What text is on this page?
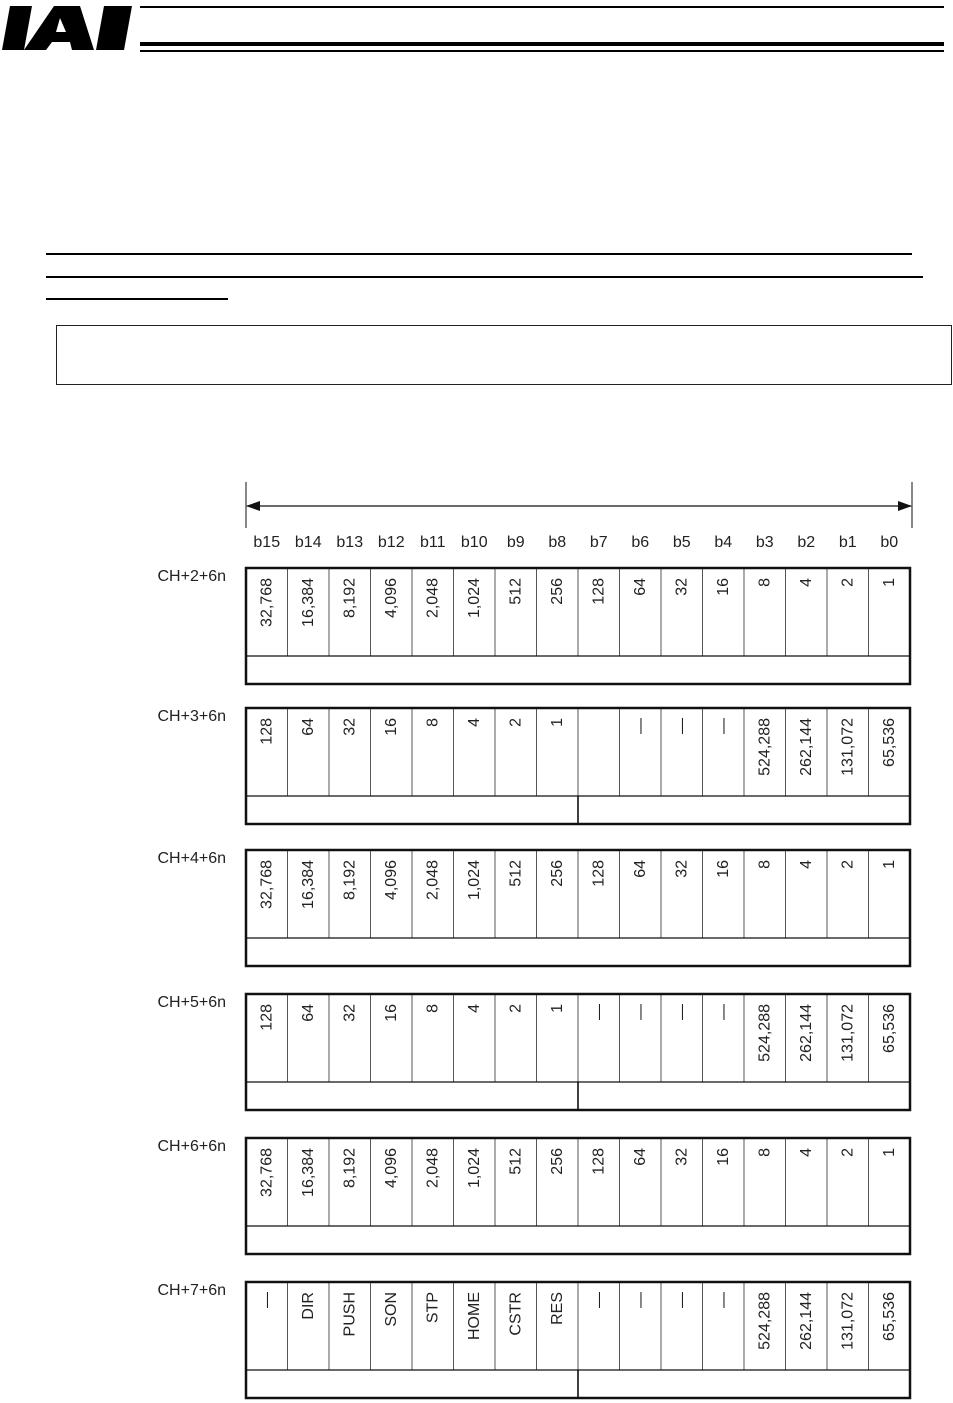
b15 b14 b13 b12 b11 b10 b9 b8 b7 b6 b5 b4 b3 b2 b1 b0
CH+2+6n
32,768 16,384 8,192 4,096 2,048 1,024 512 256 128 64 32 16 8 4 2 1
CH+3+6n
128 64 32 16 8 4 2 1	— — — 524,288 262,144 131,072 65,536
CH+4+6n
32,768 16,384 8,192 4,096 2,048 1,024 512 256 128 64 32 16 8 4 2 1
CH+5+6n
128 64 32 16 8 4 2 1 — — — — 524,288 262,144 131,072 65,536
CH+6+6n
32,768 16,384 8,192 4,096 2,048 1,024 512 256 128 64 32 16 8 4 2 1
CH+7+6n
— DIR PUSH SON STP HOME CSTR RES — — — — 524,288 262,144 131,072 65,536
